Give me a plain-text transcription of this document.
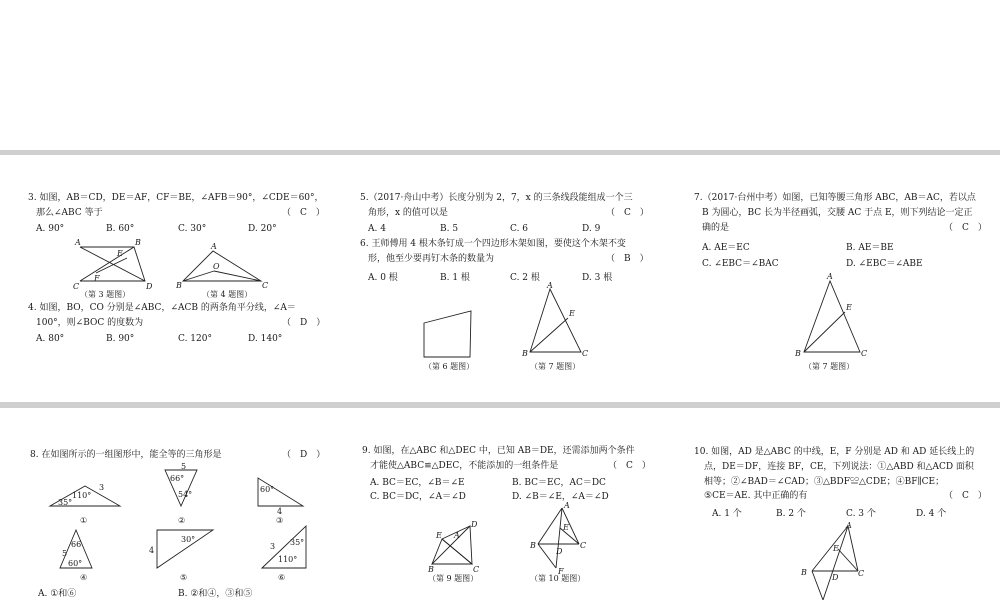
3. 如图，AB＝CD，DE＝AF，CF＝BE，∠AFB＝90°，∠CDE＝60°，
那么∠ABC 等于	（　C　）
A. 90°	B. 60°	C. 30°	D. 20°
A	B
C	D
E
F
A
B	C
O
（第 3 题图）	（第 4 题图）
4. 如图，BO，CO 分别是∠ABC，∠ACB 的两条角平分线，∠A＝
100°，则∠BOC 的度数为	（　D　）
A. 80°	B. 90°	C. 120°	D. 140°
5.（2017·舟山中考）长度分别为 2，7，x 的三条线段能组成一个三
角形，x 的值可以是	（　C　）
A. 4	B. 5	C. 6	D. 9
6. 王师傅用 4 根木条钉成一个四边形木架如图，要使这个木架不变
形，他至少要再钉木条的数量为	（　B　）
A. 0 根	B. 1 根	C. 2 根	D. 3 根
A
B	C
E
（第 6 题图）	（第 7 题图）
7.（2017·台州中考）如图，已知等腰三角形 ABC，AB＝AC，若以点
B 为圆心，BC 长为半径画弧，交腰 AC 于点 E，则下列结论一定正
确的是	（　C　）
A. AE＝EC	B. AE＝BE
C. ∠EBC＝∠BAC	D. ∠EBC＝∠ABE
A
B	C
E
（第 7 题图）
8. 在如图所示的一组图形中，能全等的三角形是	（　D　）
110°
35°
3
5
66°
54°
60°
4
66
5
60°
30°
4
35°
110°
3
①	②	③
④	⑤	⑥
A. ①和⑥	B. ②和④，③和⑤
9. 如图，在△ABC 和△DEC 中，已知 AB＝DE，还需添加两个条件
才能使△ABC≌△DEC，不能添加的一组条件是	（　C　）
A. BC＝EC，∠B＝∠E	B. BC＝EC，AC＝DC
C. BC＝DC，∠A＝∠D	D. ∠B＝∠E，∠A＝∠D
E
D
A
B	C
A
E
B	C
D
F
（第 9 题图）	（第 10 题图）
10. 如图，AD 是△ABC 的中线，E，F 分别是 AD 和 AD 延长线上的
点，DE＝DF，连接 BF，CE，下列说法：①△ABD 和△ACD 面积
相等；②∠BAD＝∠CAD；③△BDF≌△CDE；④BF∥CE；
⑤CE＝AE. 其中正确的有	（　C　）
A. 1 个	B. 2 个	C. 3 个	D. 4 个
A
E
B	C
D
